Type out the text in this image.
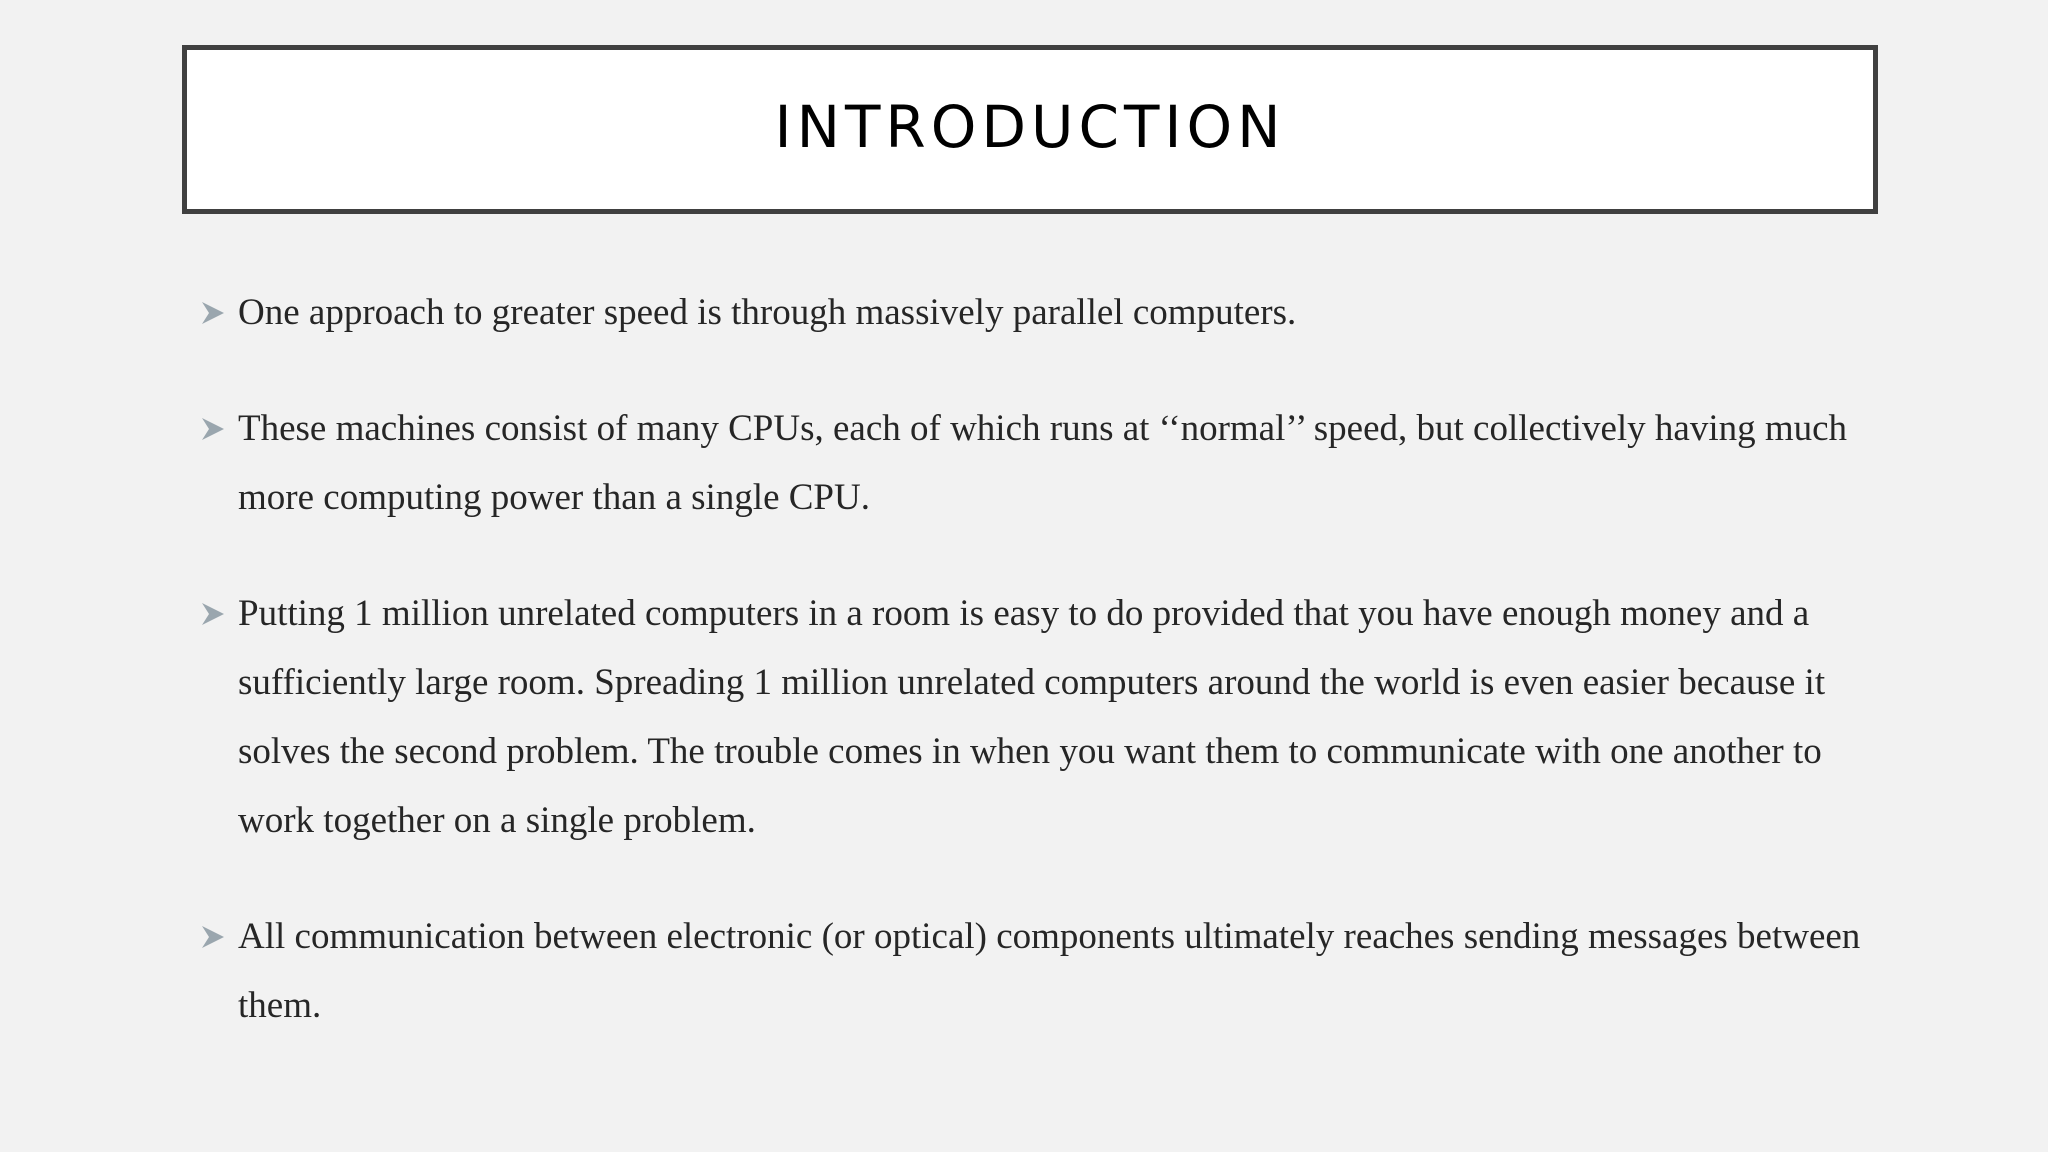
INTRODUCTION
One approach to greater speed is through massively parallel computers.
These machines consist of many CPUs, each of which runs at ‘‘normal’’ speed, but collectively having much more computing power than a single CPU.
Putting 1 million unrelated computers in a room is easy to do provided that you have enough money and a sufficiently large room. Spreading 1 million unrelated computers around the world is even easier because it solves the second problem. The trouble comes in when you want them to communicate with one another to work together on a single problem.
All communication between electronic (or optical) components ultimately reaches sending messages between them.
